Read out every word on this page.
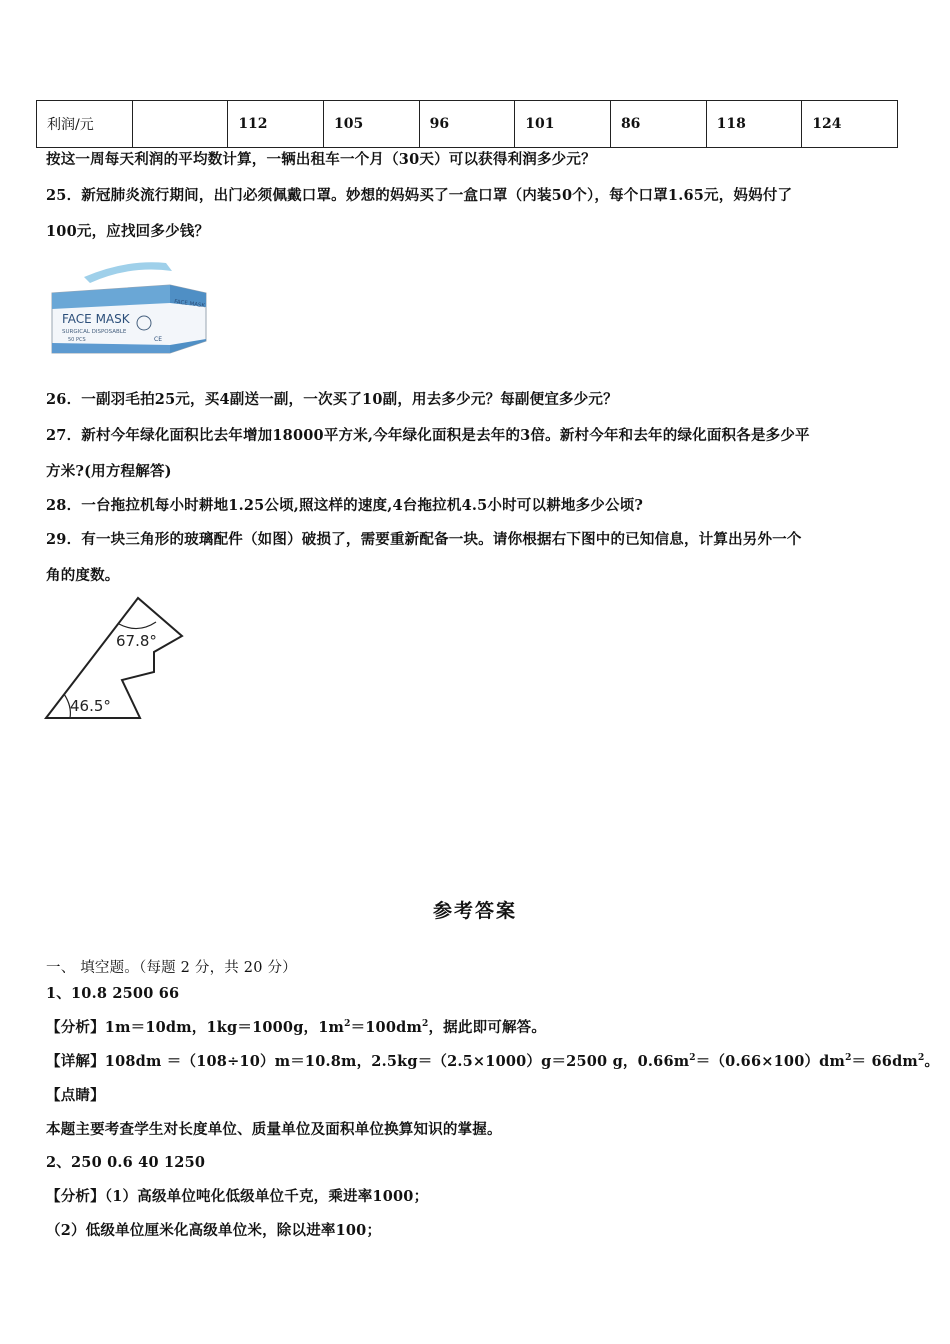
利润/元		112	105	96	101	86	118	124
按这一周每天利润的平均数计算，一辆出租车一个月（30天）可以获得利润多少元？
25．新冠肺炎流行期间，出门必须佩戴口罩。妙想的妈妈买了一盒口罩（内装50个），每个口罩1.65元，妈妈付了
100元，应找回多少钱？
FACE MASK
SURGICAL DISPOSABLE
50 PCS
FACE MASK
CE
26．一副羽毛拍25元，买4副送一副，一次买了10副，用去多少元？每副便宜多少元？
27．新村今年绿化面积比去年增加18000平方米,今年绿化面积是去年的3倍。新村今年和去年的绿化面积各是多少平
方米?(用方程解答)
28．一台拖拉机每小时耕地1.25公顷,照这样的速度,4台拖拉机4.5小时可以耕地多少公顷?
29．有一块三角形的玻璃配件（如图）破损了，需要重新配备一块。请你根据右下图中的已知信息，计算出另外一个
角的度数。
67.8°
46.5°
参考答案
一、 填空题。（每题 2 分，共 20 分）
1、10.8 2500 66
【分析】1m＝10dm，1kg＝1000g，$1m^2=100dm^2$，据此即可解答。
【详解】108dm ＝（108÷10）m＝10.8m，2.5kg＝（2.5×1000）g＝2500 g，$0.66m^2=(0.66\times 100)dm^2= 66dm^2$。
【点睛】
本题主要考查学生对长度单位、质量单位及面积单位换算知识的掌握。
2、250 0.6 40 1250
【分析】（1）高级单位吨化低级单位千克，乘进率1000；
（2）低级单位厘米化高级单位米，除以进率100；
